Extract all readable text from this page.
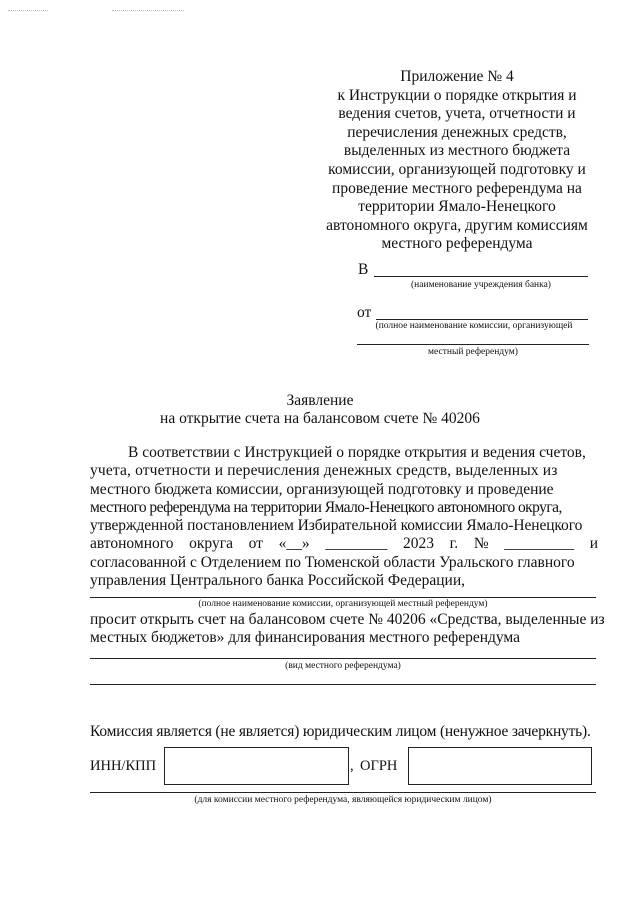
Приложение № 4
к Инструкции о порядке открытия и
ведения счетов, учета, отчетности и
перечисления денежных средств,
выделенных из местного бюджета
комиссии, организующей подготовку и
проведение местного референдума на
территории Ямало-Ненецкого
автономного округа, другим комиссиям
местного референдума
В
(наименование учреждения банка)
от
(полное наименование комиссии, организующей
местный референдум)
Заявление
на открытие счета на балансовом счете № 40206
В соответствии с Инструкцией о порядке открытия и ведения счетов,
учета, отчетности и перечисления денежных средств, выделенных из
местного бюджета комиссии, организующей подготовку и проведение
местного референдума на территории Ямало-Ненецкого автономного округа,
утвержденной постановлением Избирательной комиссии Ямало-Ненецкого
автономного округа от «__» ________ 2023 г. № _________ и
согласованной с Отделением по Тюменской области Уральского главного
управления Центрального банка Российской Федерации,
(полное наименование комиссии, организующей местный референдум)
просит открыть счет на балансовом счете № 40206 «Средства, выделенные из
местных бюджетов» для финансирования местного референдума
(вид местного референдума)
Комиссия является (не является) юридическим лицом (ненужное зачеркнуть).
ИНН/КПП	, ОГРН
(для комиссии местного референдума, являющейся юридическим лицом)
